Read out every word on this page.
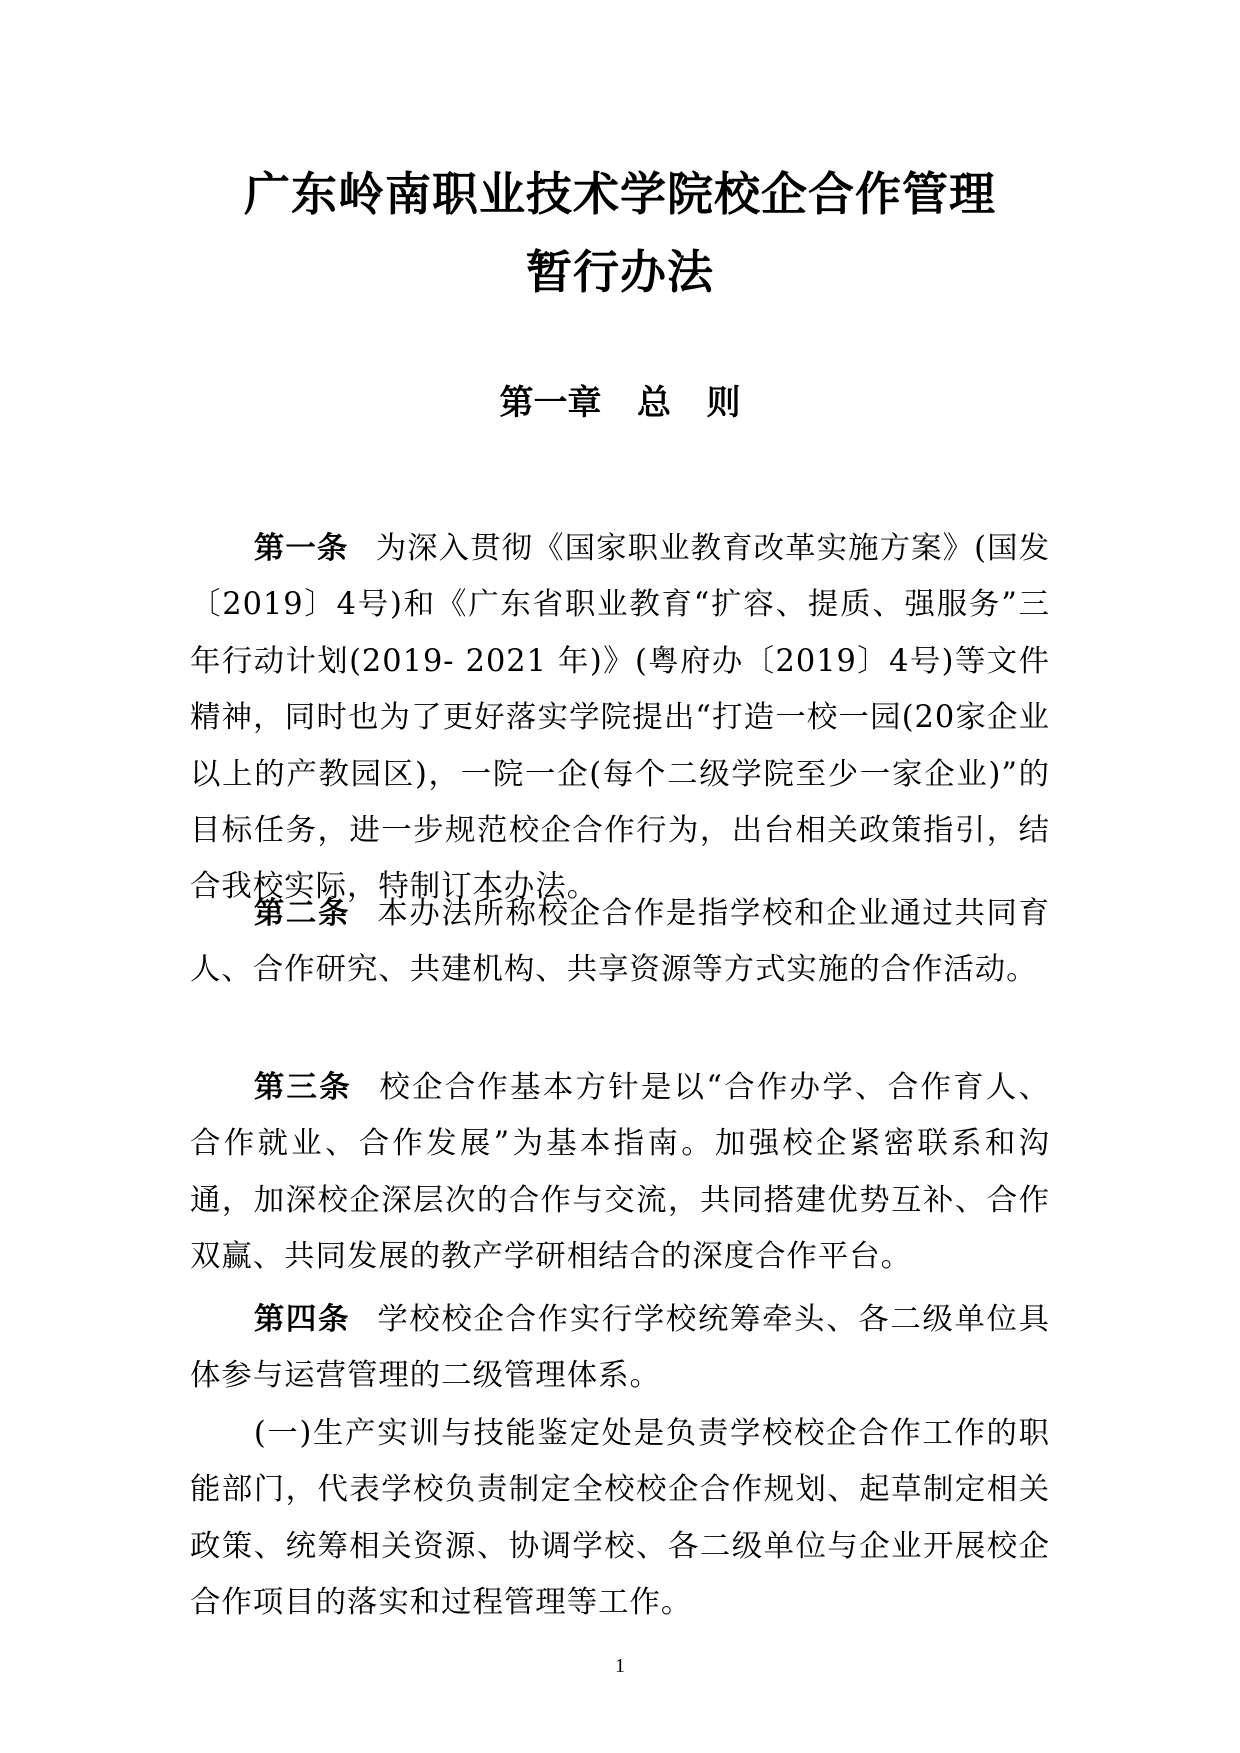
广东岭南职业技术学院校企合作管理
暂行办法
第一章   总   则

第一条 为深入贯彻《国家职业教育改革实施方案》(国发〔2019〕4号)和《广东省职业教育“扩容、提质、强服务”三年行动计划(2019- 2021 年)》(粤府办〔2019〕4号)等文件精神，同时也为了更好落实学院提出“打造一校一园(20家企业以上的产教园区)，一院一企(每个二级学院至少一家企业)”的目标任务，进一步规范校企合作行为，出台相关政策指引，结合我校实际，特制订本办法。

第二条 本办法所称校企合作是指学校和企业通过共同育人、合作研究、共建机构、共享资源等方式实施的合作活动。

第三条 校企合作基本方针是以“合作办学、合作育人、合作就业、合作发展”为基本指南。加强校企紧密联系和沟通，加深校企深层次的合作与交流，共同搭建优势互补、合作双赢、共同发展的教产学研相结合的深度合作平台。

第四条 学校校企合作实行学校统筹牵头、各二级单位具体参与运营管理的二级管理体系。

(一)生产实训与技能鉴定处是负责学校校企合作工作的职能部门，代表学校负责制定全校校企合作规划、起草制定相关政策、统筹相关资源、协调学校、各二级单位与企业开展校企合作项目的落实和过程管理等工作。

1
